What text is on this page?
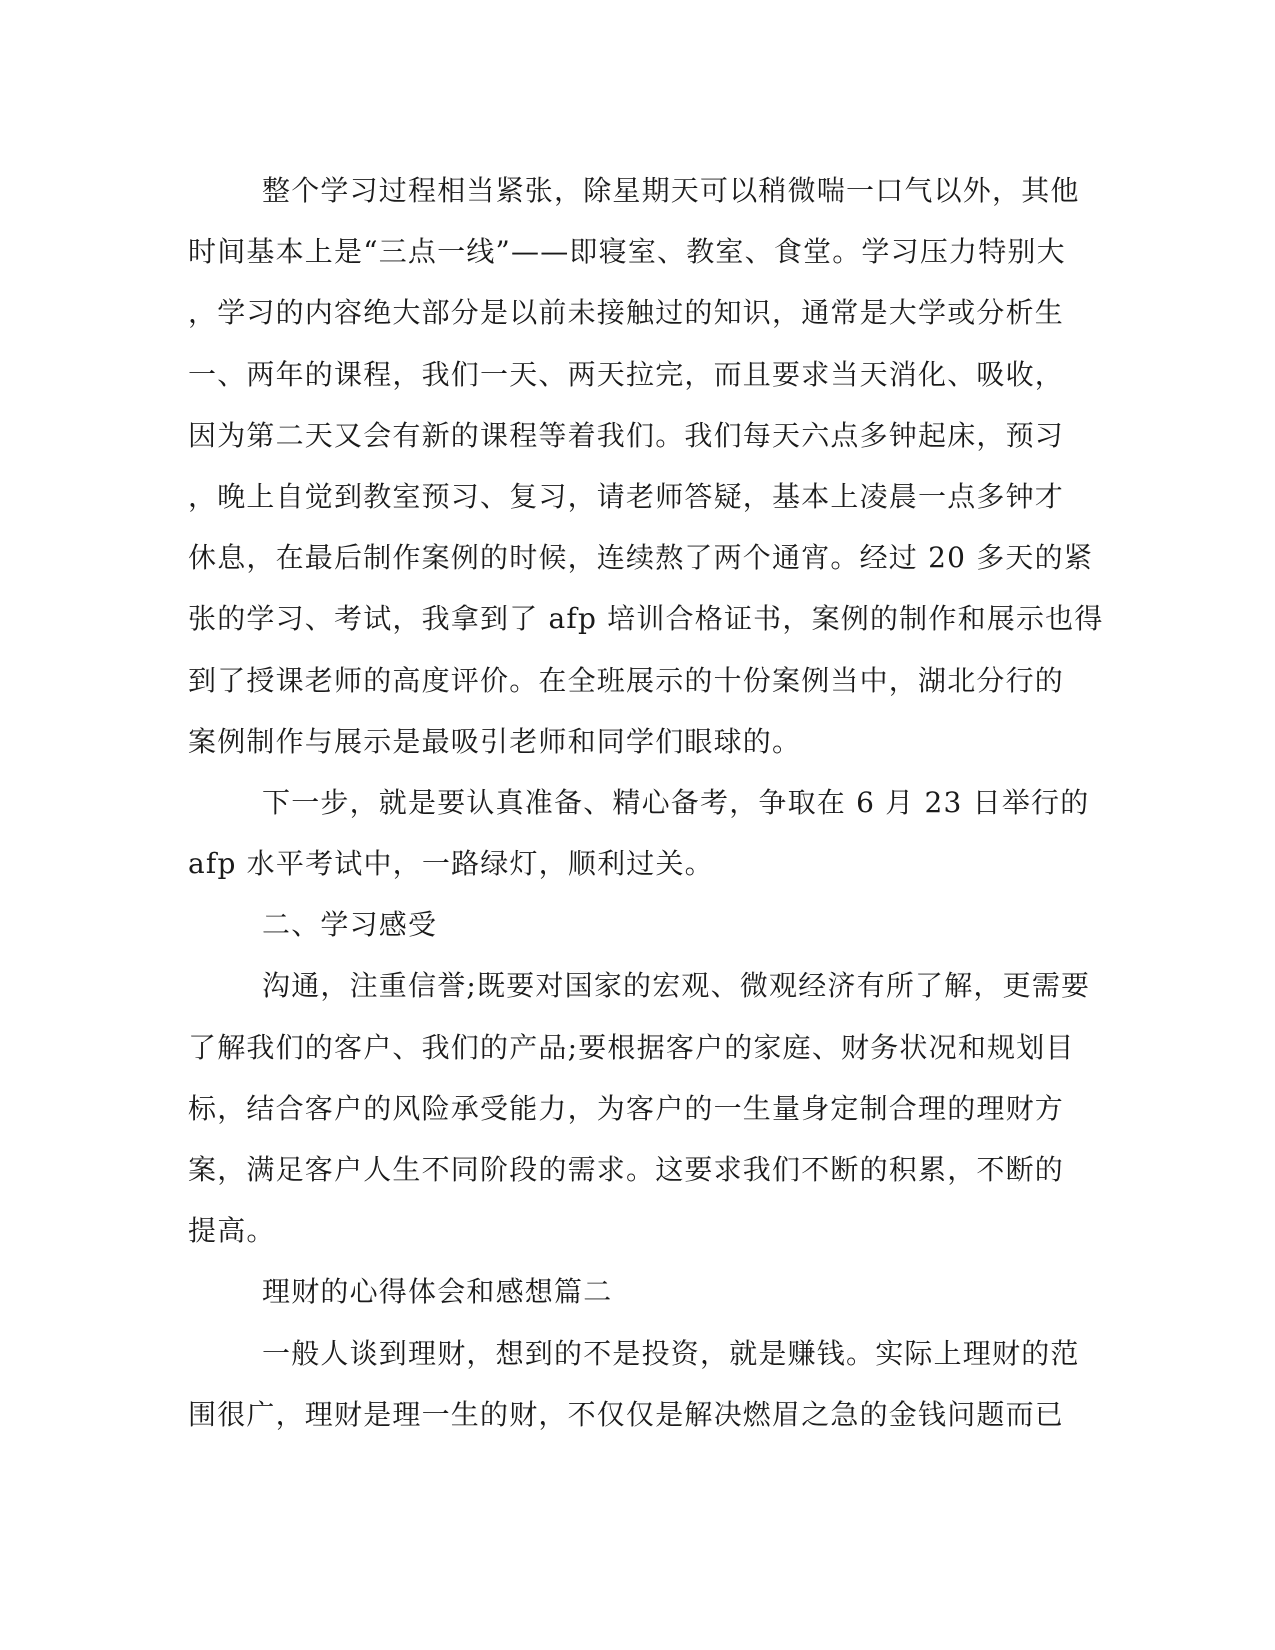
整个学习过程相当紧张，除星期天可以稍微喘一口气以外，其他
时间基本上是“三点一线”——即寝室、教室、食堂。学习压力特别大
，学习的内容绝大部分是以前未接触过的知识，通常是大学或分析生
一、两年的课程，我们一天、两天拉完，而且要求当天消化、吸收，
因为第二天又会有新的课程等着我们。我们每天六点多钟起床，预习
，晚上自觉到教室预习、复习，请老师答疑，基本上凌晨一点多钟才
休息，在最后制作案例的时候，连续熬了两个通宵。经过 20 多天的紧
张的学习、考试，我拿到了 afp 培训合格证书，案例的制作和展示也得
到了授课老师的高度评价。在全班展示的十份案例当中，湖北分行的
案例制作与展示是最吸引老师和同学们眼球的。
下一步，就是要认真准备、精心备考，争取在 6 月 23 日举行的
afp 水平考试中，一路绿灯，顺利过关。
二、学习感受
沟通，注重信誉;既要对国家的宏观、微观经济有所了解，更需要
了解我们的客户、我们的产品;要根据客户的家庭、财务状况和规划目
标，结合客户的风险承受能力，为客户的一生量身定制合理的理财方
案，满足客户人生不同阶段的需求。这要求我们不断的积累，不断的
提高。
理财的心得体会和感想篇二
一般人谈到理财，想到的不是投资，就是赚钱。实际上理财的范
围很广，理财是理一生的财，不仅仅是解决燃眉之急的金钱问题而已
